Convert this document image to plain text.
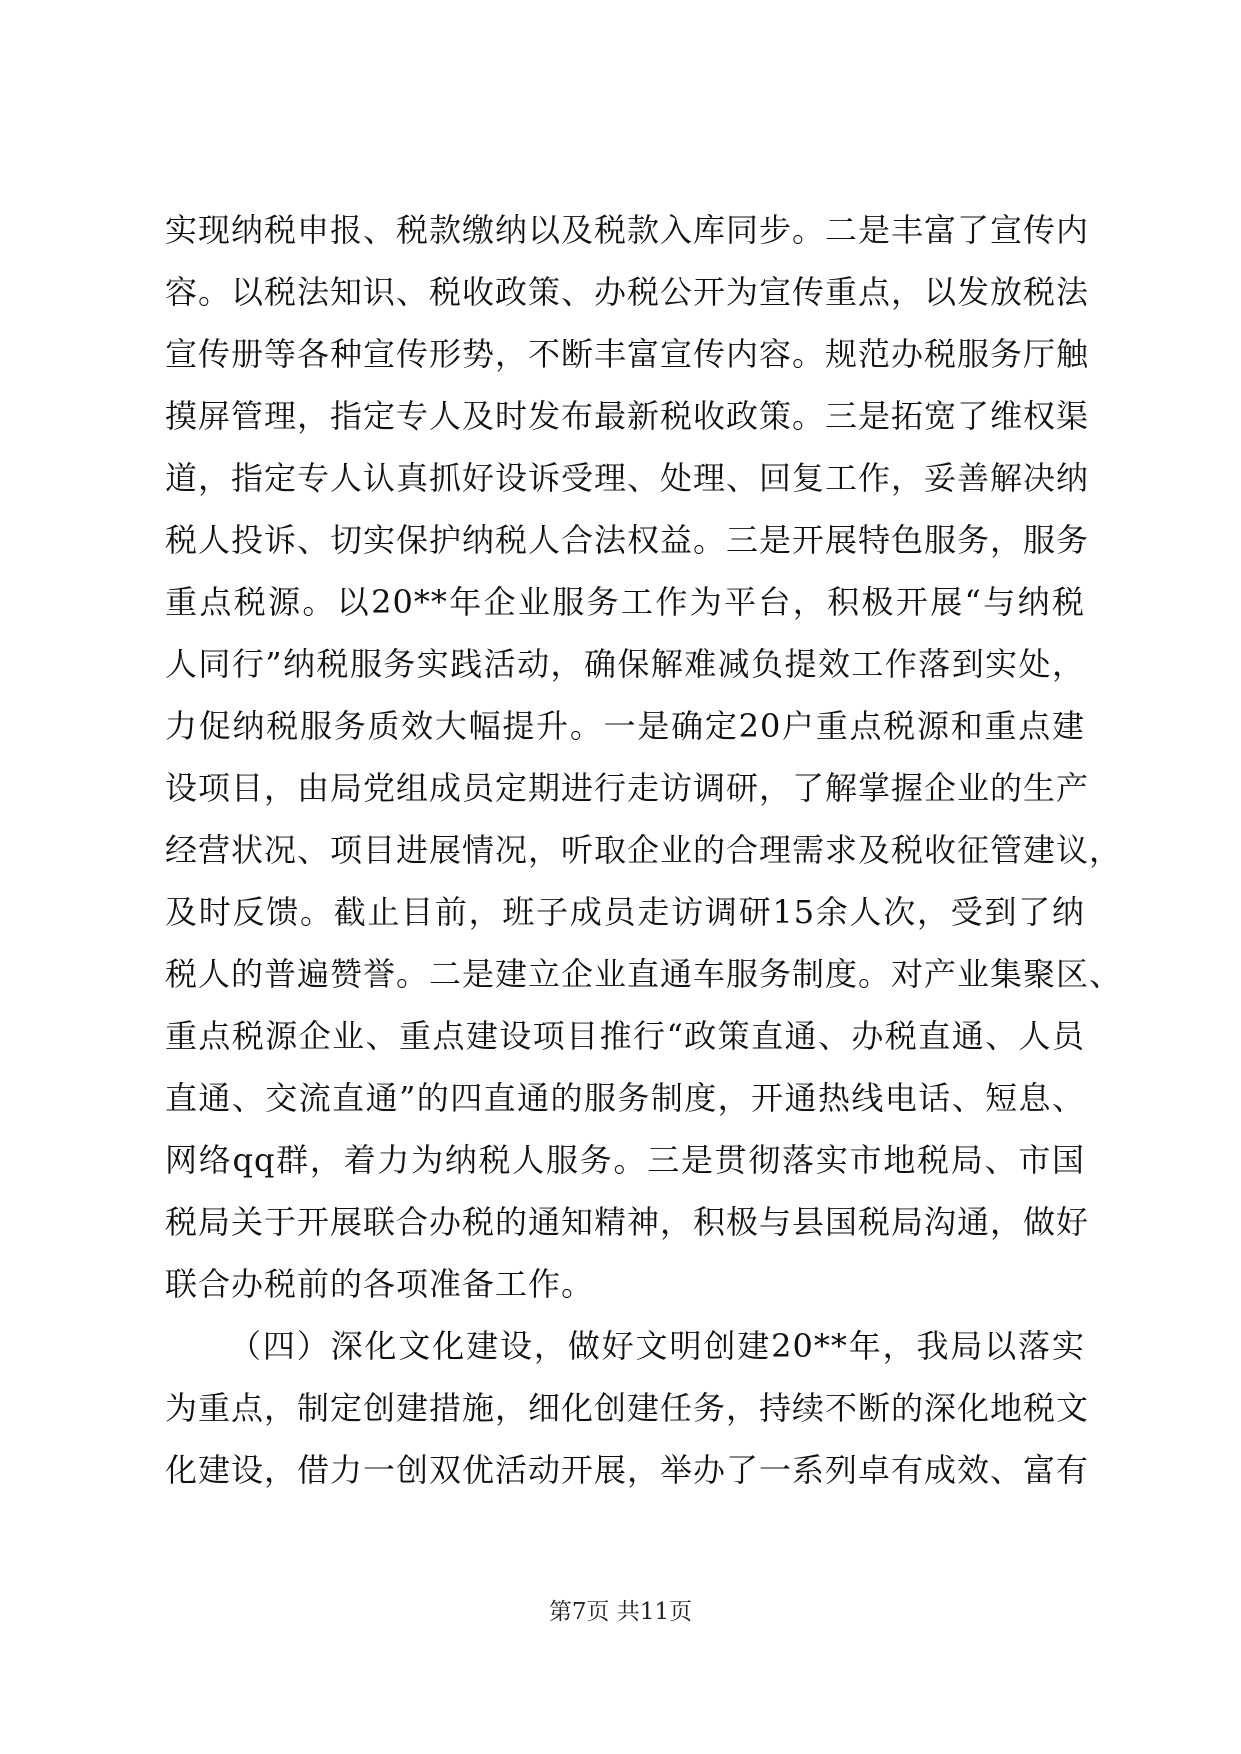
实现纳税申报、税款缴纳以及税款入库同步。二是丰富了宣传内
容。以税法知识、税收政策、办税公开为宣传重点，以发放税法
宣传册等各种宣传形势，不断丰富宣传内容。规范办税服务厅触
摸屏管理，指定专人及时发布最新税收政策。三是拓宽了维权渠
道，指定专人认真抓好设诉受理、处理、回复工作，妥善解决纳
税人投诉、切实保护纳税人合法权益。三是开展特色服务，服务
重点税源。以20**年企业服务工作为平台，积极开展“与纳税
人同行”纳税服务实践活动，确保解难减负提效工作落到实处，
力促纳税服务质效大幅提升。一是确定20户重点税源和重点建
设项目，由局党组成员定期进行走访调研，了解掌握企业的生产
经营状况、项目进展情况，听取企业的合理需求及税收征管建议，
及时反馈。截止目前，班子成员走访调研15余人次，受到了纳
税人的普遍赞誉。二是建立企业直通车服务制度。对产业集聚区、
重点税源企业、重点建设项目推行“政策直通、办税直通、人员
直通、交流直通”的四直通的服务制度，开通热线电话、短息、
网络qq群，着力为纳税人服务。三是贯彻落实市地税局、市国
税局关于开展联合办税的通知精神，积极与县国税局沟通，做好
联合办税前的各项准备工作。
（四）深化文化建设，做好文明创建20**年，我局以落实
为重点，制定创建措施，细化创建任务，持续不断的深化地税文
化建设，借力一创双优活动开展，举办了一系列卓有成效、富有
第7页 共11页
